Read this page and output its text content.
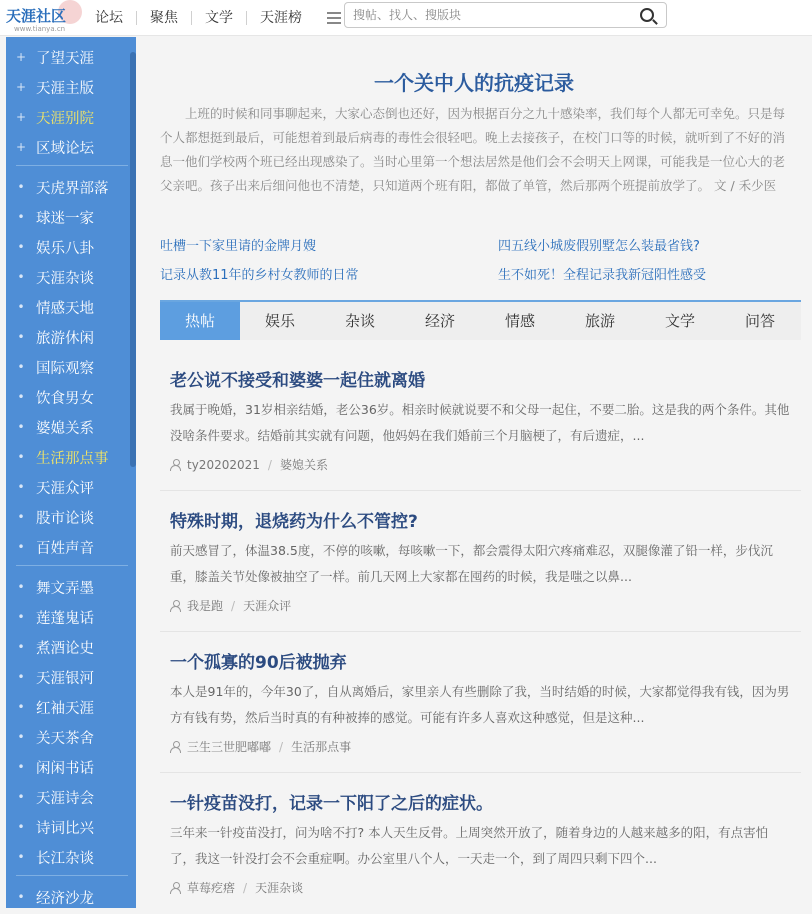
天涯社区
www.tianya.cn
论坛	聚焦	文学	天涯榜
搜帖、找人、搜版块
+ 了望天涯
+ 天涯主版
+ 天涯别院
+ 区域论坛
• 天虎界部落
• 球迷一家
• 娱乐八卦
• 天涯杂谈
• 情感天地
• 旅游休闲
• 国际观察
• 饮食男女
• 婆媳关系
• 生活那点事
• 天涯众评
• 股市论谈
• 百姓声音
• 舞文弄墨
• 莲蓬鬼话
• 煮酒论史
• 天涯银河
• 红袖天涯
• 关天茶舍
• 闲闲书话
• 天涯诗会
• 诗词比兴
• 长江杂谈
• 经济沙龙
一个关中人的抗疫记录

上班的时候和同事聊起来，大家心态倒也还好，因为根据百分之九十感染率，我们每个人都无可幸免。只是每个人都想挺到最后，可能想着到最后病毒的毒性会很轻吧。晚上去接孩子，在校门口等的时候，就听到了不好的消息一他们学校两个班已经出现感染了。当时心里第一个想法居然是他们会不会明天上网课，可能我是一位心大的老父亲吧。孩子出来后细问他也不清楚，只知道两个班有阳，都做了单管，然后那两个班提前放学了。 文 / 禾少医

吐槽一下家里请的金牌月嫂	四五线小城废假别墅怎么装最省钱?
记录从教11年的乡村女教师的日常	生不如死！全程记录我新冠阳性感受
热帖	娱乐	杂谈	经济	情感	旅游	文学	问答
老公说不接受和婆婆一起住就离婚
我属于晚婚，31岁相亲结婚，老公36岁。相亲时候就说要不和父母一起住，不要二胎。这是我的两个条件。其他没啥条件要求。结婚前其实就有问题，他妈妈在我们婚前三个月脑梗了，有后遗症，...
ty20202021 / 婆媳关系
特殊时期，退烧药为什么不管控?
前天感冒了，体温38.5度，不停的咳嗽，每咳嗽一下，都会震得太阳穴疼痛难忍，双腿像灌了铅一样，步伐沉重，膝盖关节处像被抽空了一样。前几天网上大家都在囤药的时候，我是嗤之以鼻...
我是跑 / 天涯众评
一个孤寡的90后被抛弃
本人是91年的，今年30了，自从离婚后，家里亲人有些删除了我，当时结婚的时候，大家都觉得我有钱，因为男方有钱有势，然后当时真的有种被捧的感觉。可能有许多人喜欢这种感觉，但是这种...
三生三世肥嘟嘟 / 生活那点事
一针疫苗没打，记录一下阳了之后的症状。
三年来一针疫苗没打，问为啥不打? 本人天生反骨。上周突然开放了，随着身边的人越来越多的阳，有点害怕了，我这一针没打会不会重症啊。办公室里八个人，一天走一个，到了周四只剩下四个...
草莓疙瘩 / 天涯杂谈
